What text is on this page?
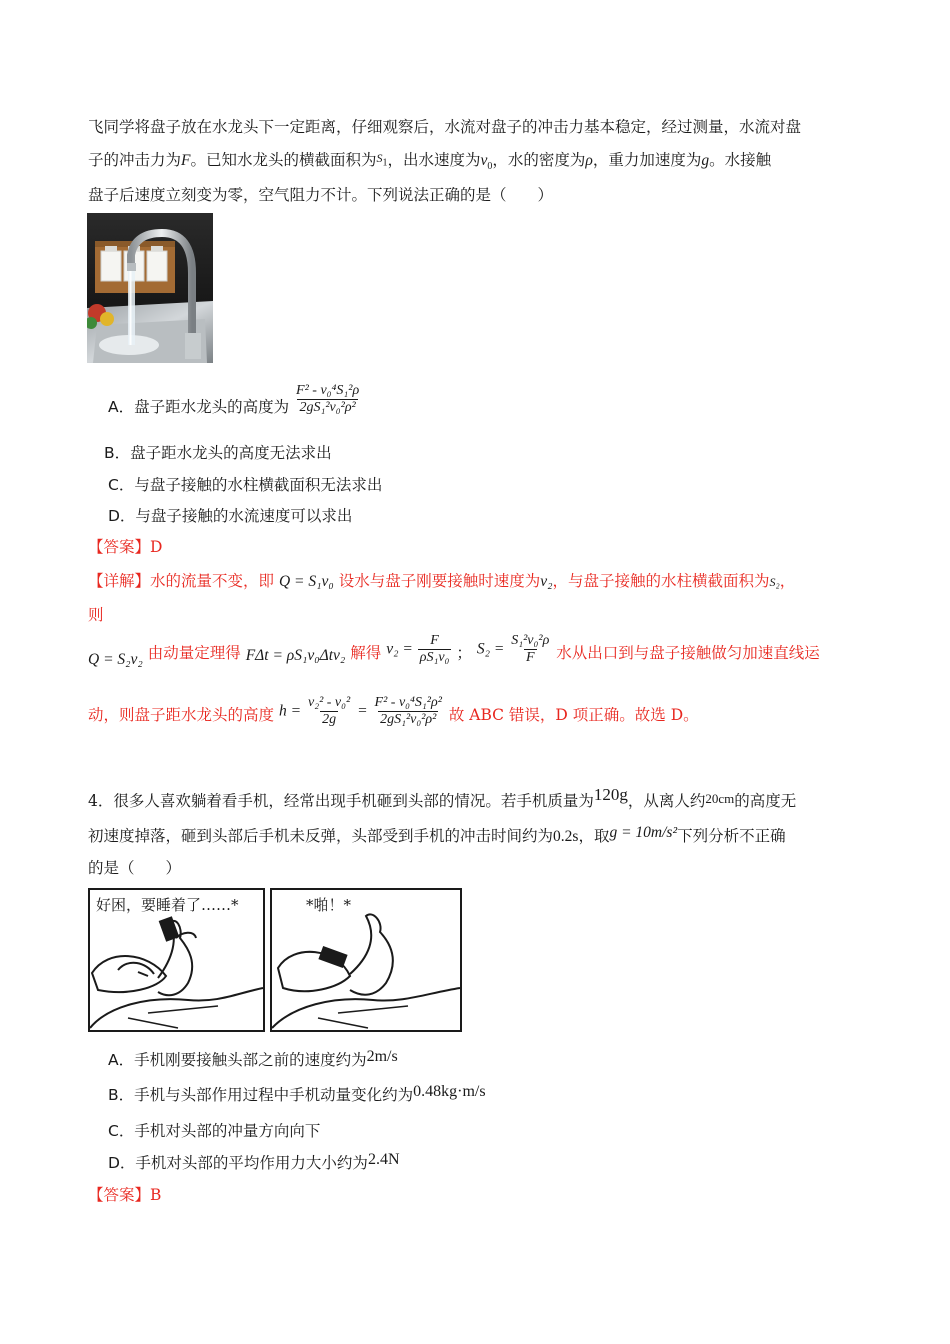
飞同学将盘子放在水龙头下一定距离，仔细观察后，水流对盘子的冲击力基本稳定，经过测量，水流对盘
子的冲击力为F。已知水龙头的横截面积为$S_1$，出水速度为$v_0$，水的密度为ρ，重力加速度为g。水接触
盘子后速度立刻变为零，空气阻力不计。下列说法正确的是（　　）
A．盘子距水龙头的高度为 $\frac{\text{F² - v₀⁴S₁²ρ}}{\text{2gS₁²v₀²ρ²}}$
B．盘子距水龙头的高度无法求出
C．与盘子接触的水柱横截面积无法求出
D．与盘子接触的水流速度可以求出
【答案】D
【详解】水的流量不变，即 Q = S₁v₀ 设水与盘子刚要接触时速度为v₂，与盘子接触的水柱横截面积为S₂，
则
Q = S₂v₂ 由动量定理得 FΔt = ρS₁v₀Δtv₂ 解得 $v_2 = \frac{F}{\text{ρS₁v₀}}$ ； $S_2 = \frac{\text{S₁²v₀²ρ}}{F}$ 水从出口到与盘子接触做匀加速直线运
动，则盘子距水龙头的高度 $h = \frac{\text{v₂² - v₀²}}{2g} = \frac{\text{F² - v₀⁴S₁²ρ²}}{\text{2gS₁²v₀²ρ²}}$ 故 ABC 错误，D 项正确。故选 D。
4．很多人喜欢躺着看手机，经常出现手机砸到头部的情况。若手机质量为120g，从离人约20cm的高度无
初速度掉落，砸到头部后手机未反弹，头部受到手机的冲击时间约为0.2s，取g = 10m/s²下列分析不正确
的是（　　）
好困，要睡着了……*	*啪！*
A．手机刚要接触头部之前的速度约为2m/s
B．手机与头部作用过程中手机动量变化约为0.48kg·m/s
C．手机对头部的冲量方向向下
D．手机对头部的平均作用力大小约为2.4N
【答案】B
